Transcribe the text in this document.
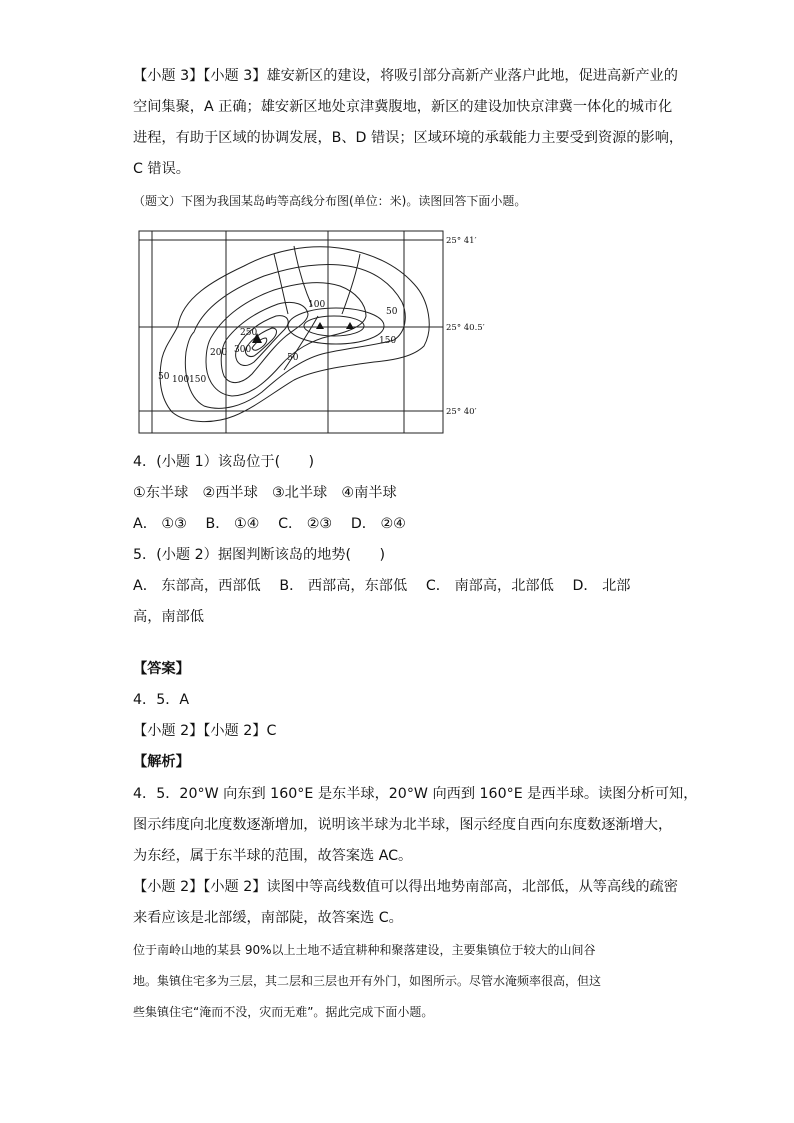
【小题 3】【小题 3】雄安新区的建设，将吸引部分高新产业落户此地，促进高新产业的
空间集聚，A 正确；雄安新区地处京津冀腹地，新区的建设加快京津冀一体化的城市化
进程，有助于区域的协调发展，B、D 错误；区域环境的承载能力主要受到资源的影响，
C 错误。
（题文）下图为我国某岛屿等高线分布图(单位：米)。读图回答下面小题。
100
50
250
300
200	50
150
50 100 150
25° 41′
25° 40.5′
25° 40′
4．(小题 1）该岛位于(　　)
①东半球　②西半球　③北半球　④南半球
A． ①③　 B． ①④　 C． ②③　 D． ②④
5．(小题 2）据图判断该岛的地势(　　)
A． 东部高，西部低　 B． 西部高，东部低　 C． 南部高，北部低　 D． 北部
高，南部低
【答案】
4．5．A
【小题 2】【小题 2】C
【解析】
4．5．20°W 向东到 160°E 是东半球，20°W 向西到 160°E 是西半球。读图分析可知，
图示纬度向北度数逐渐增加，说明该半球为北半球，图示经度自西向东度数逐渐增大，
为东经，属于东半球的范围，故答案选 AC。
【小题 2】【小题 2】读图中等高线数值可以得出地势南部高，北部低，从等高线的疏密
来看应该是北部缓，南部陡，故答案选 C。
位于南岭山地的某县 90%以上土地不适宜耕种和聚落建设，主要集镇位于较大的山间谷
地。集镇住宅多为三层，其二层和三层也开有外门，如图所示。尽管水淹频率很高，但这
些集镇住宅“淹而不没，灾而无难”。据此完成下面小题。
